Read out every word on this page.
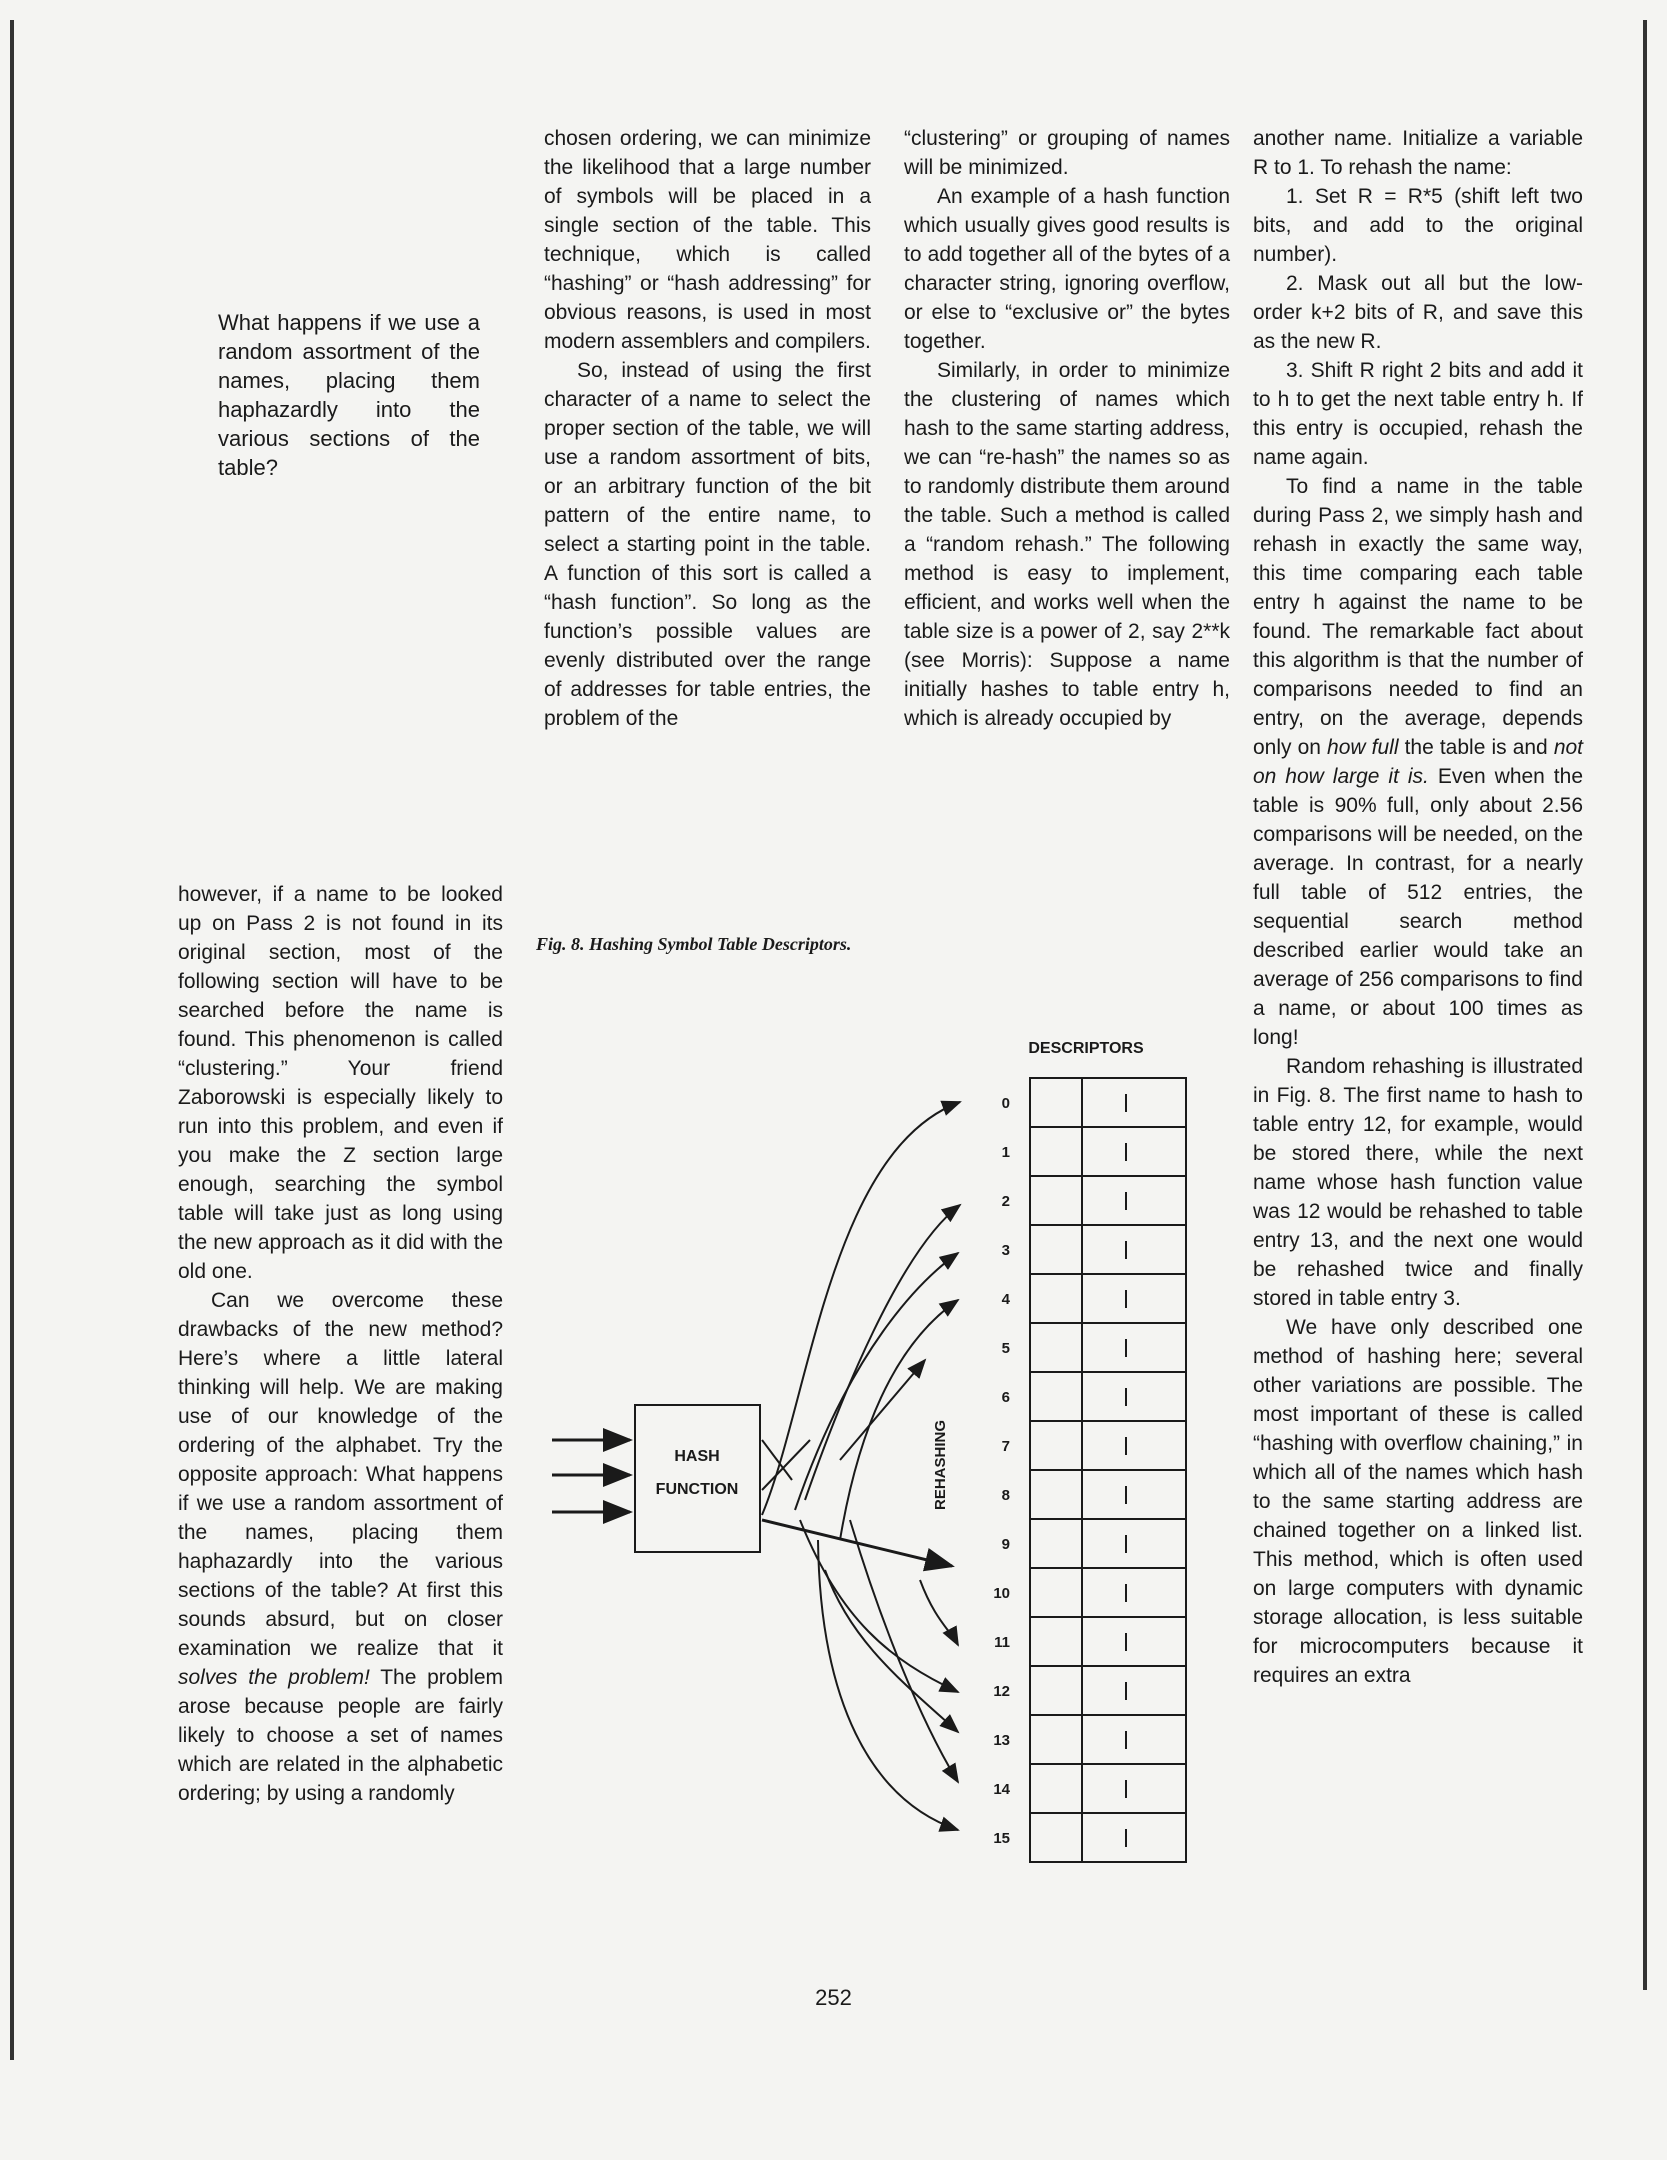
What happens if we use a random assortment of the names, placing them haphazardly into the various sections of the table?

however, if a name to be looked up on Pass 2 is not found in its original section, most of the following section will have to be searched before the name is found. This phenomenon is called “clustering.” Your friend Zaborowski is especially likely to run into this problem, and even if you make the Z section large enough, searching the symbol table will take just as long using the new approach as it did with the old one.

Can we overcome these drawbacks of the new method? Here’s where a little lateral thinking will help. We are making use of our knowledge of the ordering of the alphabet. Try the opposite approach: What happens if we use a random assortment of the names, placing them haphazardly into the various sections of the table? At first this sounds absurd, but on closer examination we realize that it solves the problem! The problem arose because people are fairly likely to choose a set of names which are related in the alphabetic ordering; by using a randomly

chosen ordering, we can minimize the likelihood that a large number of symbols will be placed in a single section of the table. This technique, which is called “hashing” or “hash addressing” for obvious reasons, is used in most modern assemblers and compilers.

So, instead of using the first character of a name to select the proper section of the table, we will use a random assortment of bits, or an arbitrary function of the bit pattern of the entire name, to select a starting point in the table. A function of this sort is called a “hash function”. So long as the function’s possible values are evenly distributed over the range of addresses for table entries, the problem of the

“clustering” or grouping of names will be minimized.

An example of a hash function which usually gives good results is to add together all of the bytes of a character string, ignoring overflow, or else to “exclusive or” the bytes together.

Similarly, in order to minimize the clustering of names which hash to the same starting address, we can “re-hash” the names so as to randomly distribute them around the table. Such a method is called a “random rehash.” The following method is easy to implement, efficient, and works well when the table size is a power of 2, say 2**k (see Morris): Suppose a name initially hashes to table entry h, which is already occupied by

another name. Initialize a variable R to 1. To rehash the name:

1. Set R = R*5 (shift left two bits, and add to the original number).

2. Mask out all but the low-order k+2 bits of R, and save this as the new R.

3. Shift R right 2 bits and add it to h to get the next table entry h. If this entry is occupied, rehash the name again.

To find a name in the table during Pass 2, we simply hash and rehash in exactly the same way, this time comparing each table entry h against the name to be found. The remarkable fact about this algorithm is that the number of comparisons needed to find an entry, on the average, depends only on how full the table is and not on how large it is. Even when the table is 90% full, only about 2.56 comparisons will be needed, on the average. In contrast, for a nearly full table of 512 entries, the sequential search method described earlier would take an average of 256 comparisons to find a name, or about 100 times as long!

Random rehashing is illustrated in Fig. 8. The first name to hash to table entry 12, for example, would be stored there, while the next name whose hash function value was 12 would be rehashed to table entry 13, and the next one would be rehashed twice and finally stored in table entry 3.

We have only described one method of hashing here; several other variations are possible. The most important of these is called “hashing with overflow chaining,” in which all of the names which hash to the same starting address are chained together on a linked list. This method, which is often used on large computers with dynamic storage allocation, is less suitable for microcomputers because it requires an extra

Fig. 8. Hashing Symbol Table Descriptors.
DESCRIPTORS
0
1
2
3
4
5
6
7
8
9
10
11
12
13
14
15
HASH
FUNCTION	REHASHING
252
